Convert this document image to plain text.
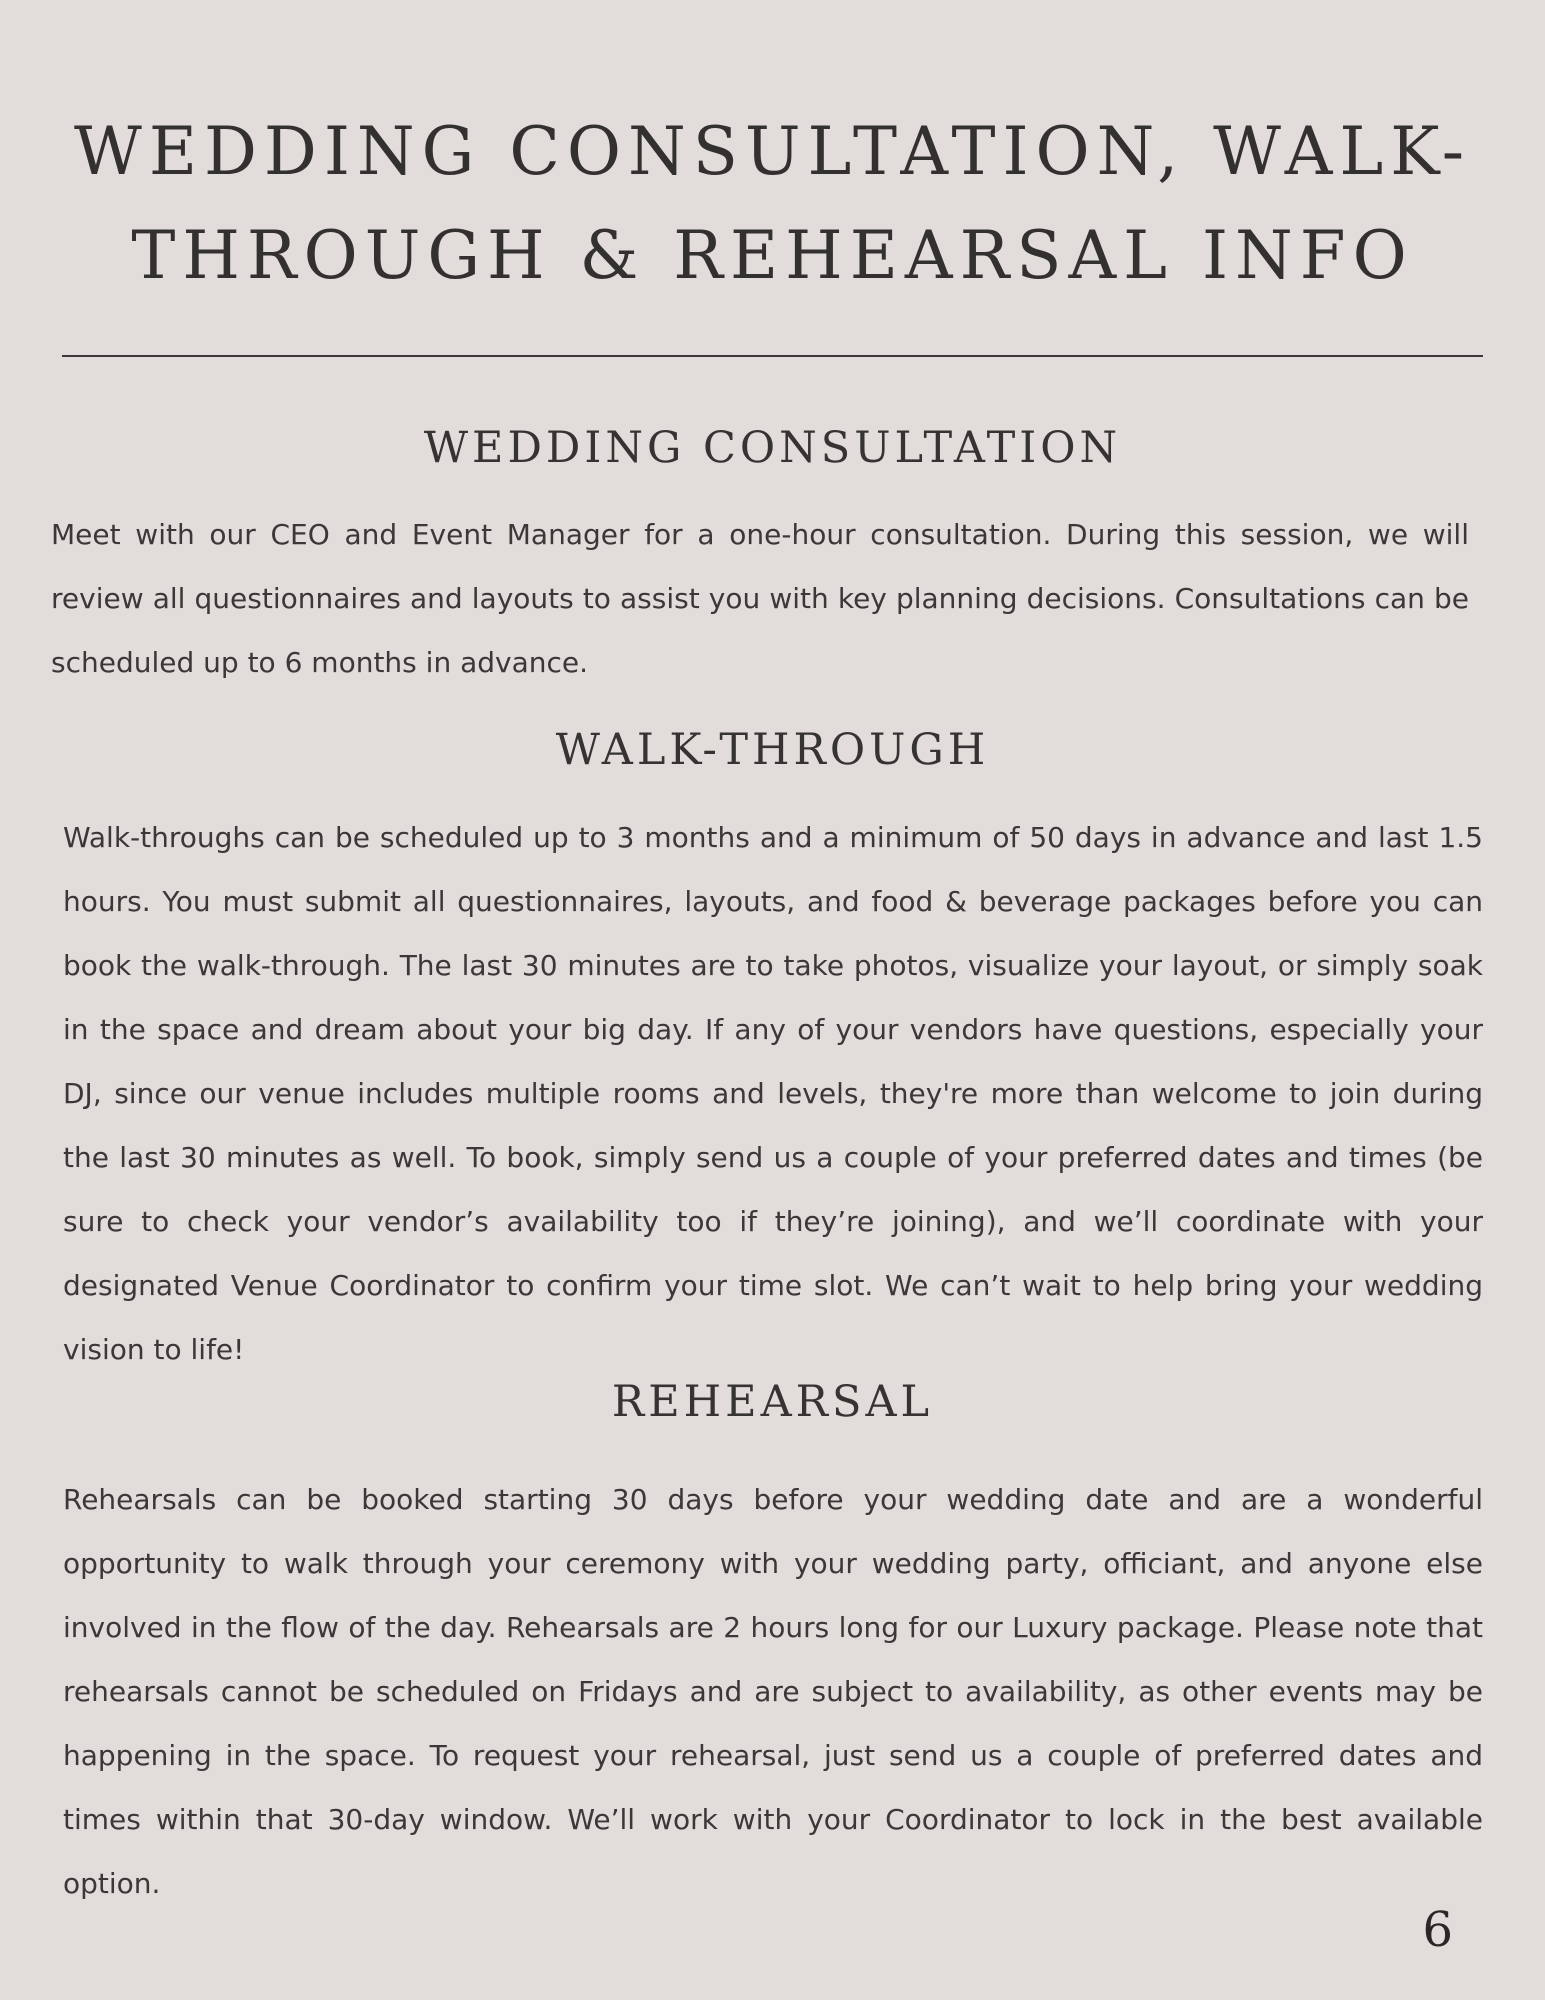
WEDDING CONSULTATION, WALK-THROUGH & REHEARSAL INFO
WEDDING CONSULTATION

Meet with our CEO and Event Manager for a one-hour consultation. During this session, we will review all questionnaires and layouts to assist you with key planning decisions. Consultations can be scheduled up to 6 months in advance.

WALK-THROUGH

Walk-throughs can be scheduled up to 3 months and a minimum of 50 days in advance and last 1.5 hours. You must submit all questionnaires, layouts, and food & beverage packages before you can book the walk-through. The last 30 minutes are to take photos, visualize your layout, or simply soak in the space and dream about your big day. If any of your vendors have questions, especially your DJ, since our venue includes multiple rooms and levels, they're more than welcome to join during the last 30 minutes as well. To book, simply send us a couple of your preferred dates and times (be sure to check your vendor’s availability too if they’re joining), and we’ll coordinate with your designated Venue Coordinator to confirm your time slot. We can’t wait to help bring your wedding vision to life!

REHEARSAL

Rehearsals can be booked starting 30 days before your wedding date and are a wonderful opportunity to walk through your ceremony with your wedding party, officiant, and anyone else involved in the flow of the day. Rehearsals are 2 hours long for our Luxury package. Please note that rehearsals cannot be scheduled on Fridays and are subject to availability, as other events may be happening in the space. To request your rehearsal, just send us a couple of preferred dates and times within that 30-day window. We’ll work with your Coordinator to lock in the best available option.

6
